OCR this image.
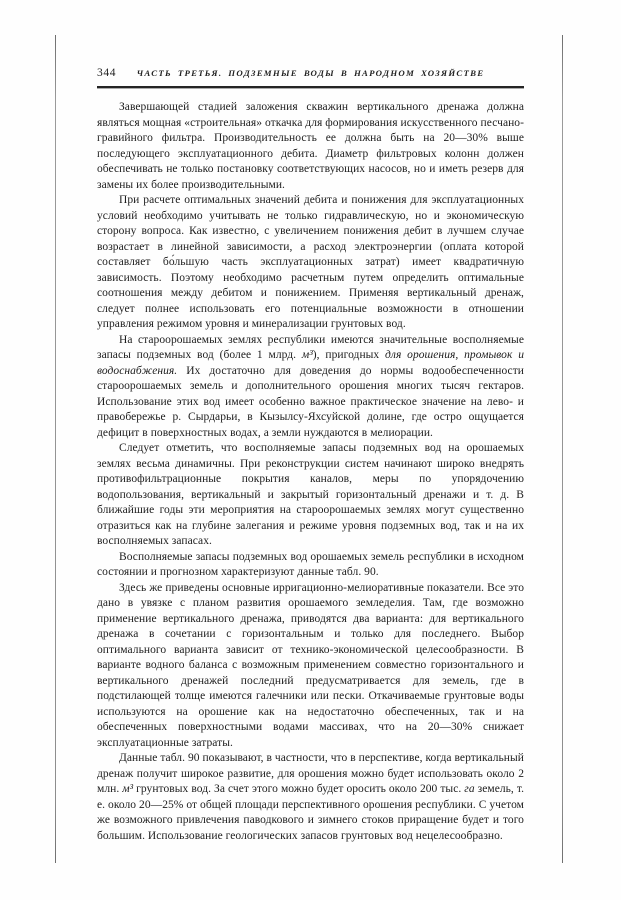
344	ЧАСТЬ ТРЕТЬЯ. ПОДЗЕМНЫЕ ВОДЫ В НАРОДНОМ ХОЗЯЙСТВЕ

Завершающей стадией заложения скважин вертикального дренажа должна являться мощная «строительная» откачка для формирования искусственного песчано-гравийного фильтра. Производительность ее должна быть на 20—30% выше последующего эксплуатационного дебита. Диаметр фильтровых колонн должен обеспечивать не только постановку соответствующих насосов, но и иметь резерв для замены их более производительными.

При расчете оптимальных значений дебита и понижения для эксплуатационных условий необходимо учитывать не только гидравлическую, но и экономическую сторону вопроса. Как известно, с увеличением понижения дебит в лучшем случае возрастает в линейной зависимости, а расход электроэнергии (оплата которой составляет бо́льшую часть эксплуатационных затрат) имеет квадратичную зависимость. Поэтому необходимо расчетным путем определить оптимальные соотношения между дебитом и понижением. Применяя вертикальный дренаж, следует полнее использовать его потенциальные возможности в отношении управления режимом уровня и минерализации грунтовых вод.

На староорошаемых землях республики имеются значительные восполняемые запасы подземных вод (более 1 млрд. м³), пригодных для орошения, промывок и водоснабжения. Их достаточно для доведения до нормы водообеспеченности староорошаемых земель и дополнительного орошения многих тысяч гектаров. Использование этих вод имеет особенно важное практическое значение на лево- и правобережье р. Сырдарьи, в Кызылсу-Яхсуйской долине, где остро ощущается дефицит в поверхностных водах, а земли нуждаются в мелиорации.

Следует отметить, что восполняемые запасы подземных вод на орошаемых землях весьма динамичны. При реконструкции систем начинают широко внедрять противофильтрационные покрытия каналов, меры по упорядочению водопользования, вертикальный и закрытый горизонтальный дренажи и т. д. В ближайшие годы эти мероприятия на староорошаемых землях могут существенно отразиться как на глубине залегания и режиме уровня подземных вод, так и на их восполняемых запасах.

Восполняемые запасы подземных вод орошаемых земель республики в исходном состоянии и прогнозном характеризуют данные табл. 90.

Здесь же приведены основные ирригационно-мелиоративные показатели. Все это дано в увязке с планом развития орошаемого земледелия. Там, где возможно применение вертикального дренажа, приводятся два варианта: для вертикального дренажа в сочетании с горизонтальным и только для последнего. Выбор оптимального варианта зависит от технико-экономической целесообразности. В варианте водного баланса с возможным применением совместно горизонтального и вертикального дренажей последний предусматривается для земель, где в подстилающей толще имеются галечники или пески. Откачиваемые грунтовые воды используются на орошение как на недостаточно обеспеченных, так и на обеспеченных поверхностными водами массивах, что на 20—30% снижает эксплуатационные затраты.

Данные табл. 90 показывают, в частности, что в перспективе, когда вертикальный дренаж получит широкое развитие, для орошения можно будет использовать около 2 млн. м³ грунтовых вод. За счет этого можно будет оросить около 200 тыс. га земель, т. е. около 20—25% от общей площади перспективного орошения республики. С учетом же возможного привлечения паводкового и зимнего стоков приращение будет и того большим. Использование геологических запасов грунтовых вод нецелесообразно.
